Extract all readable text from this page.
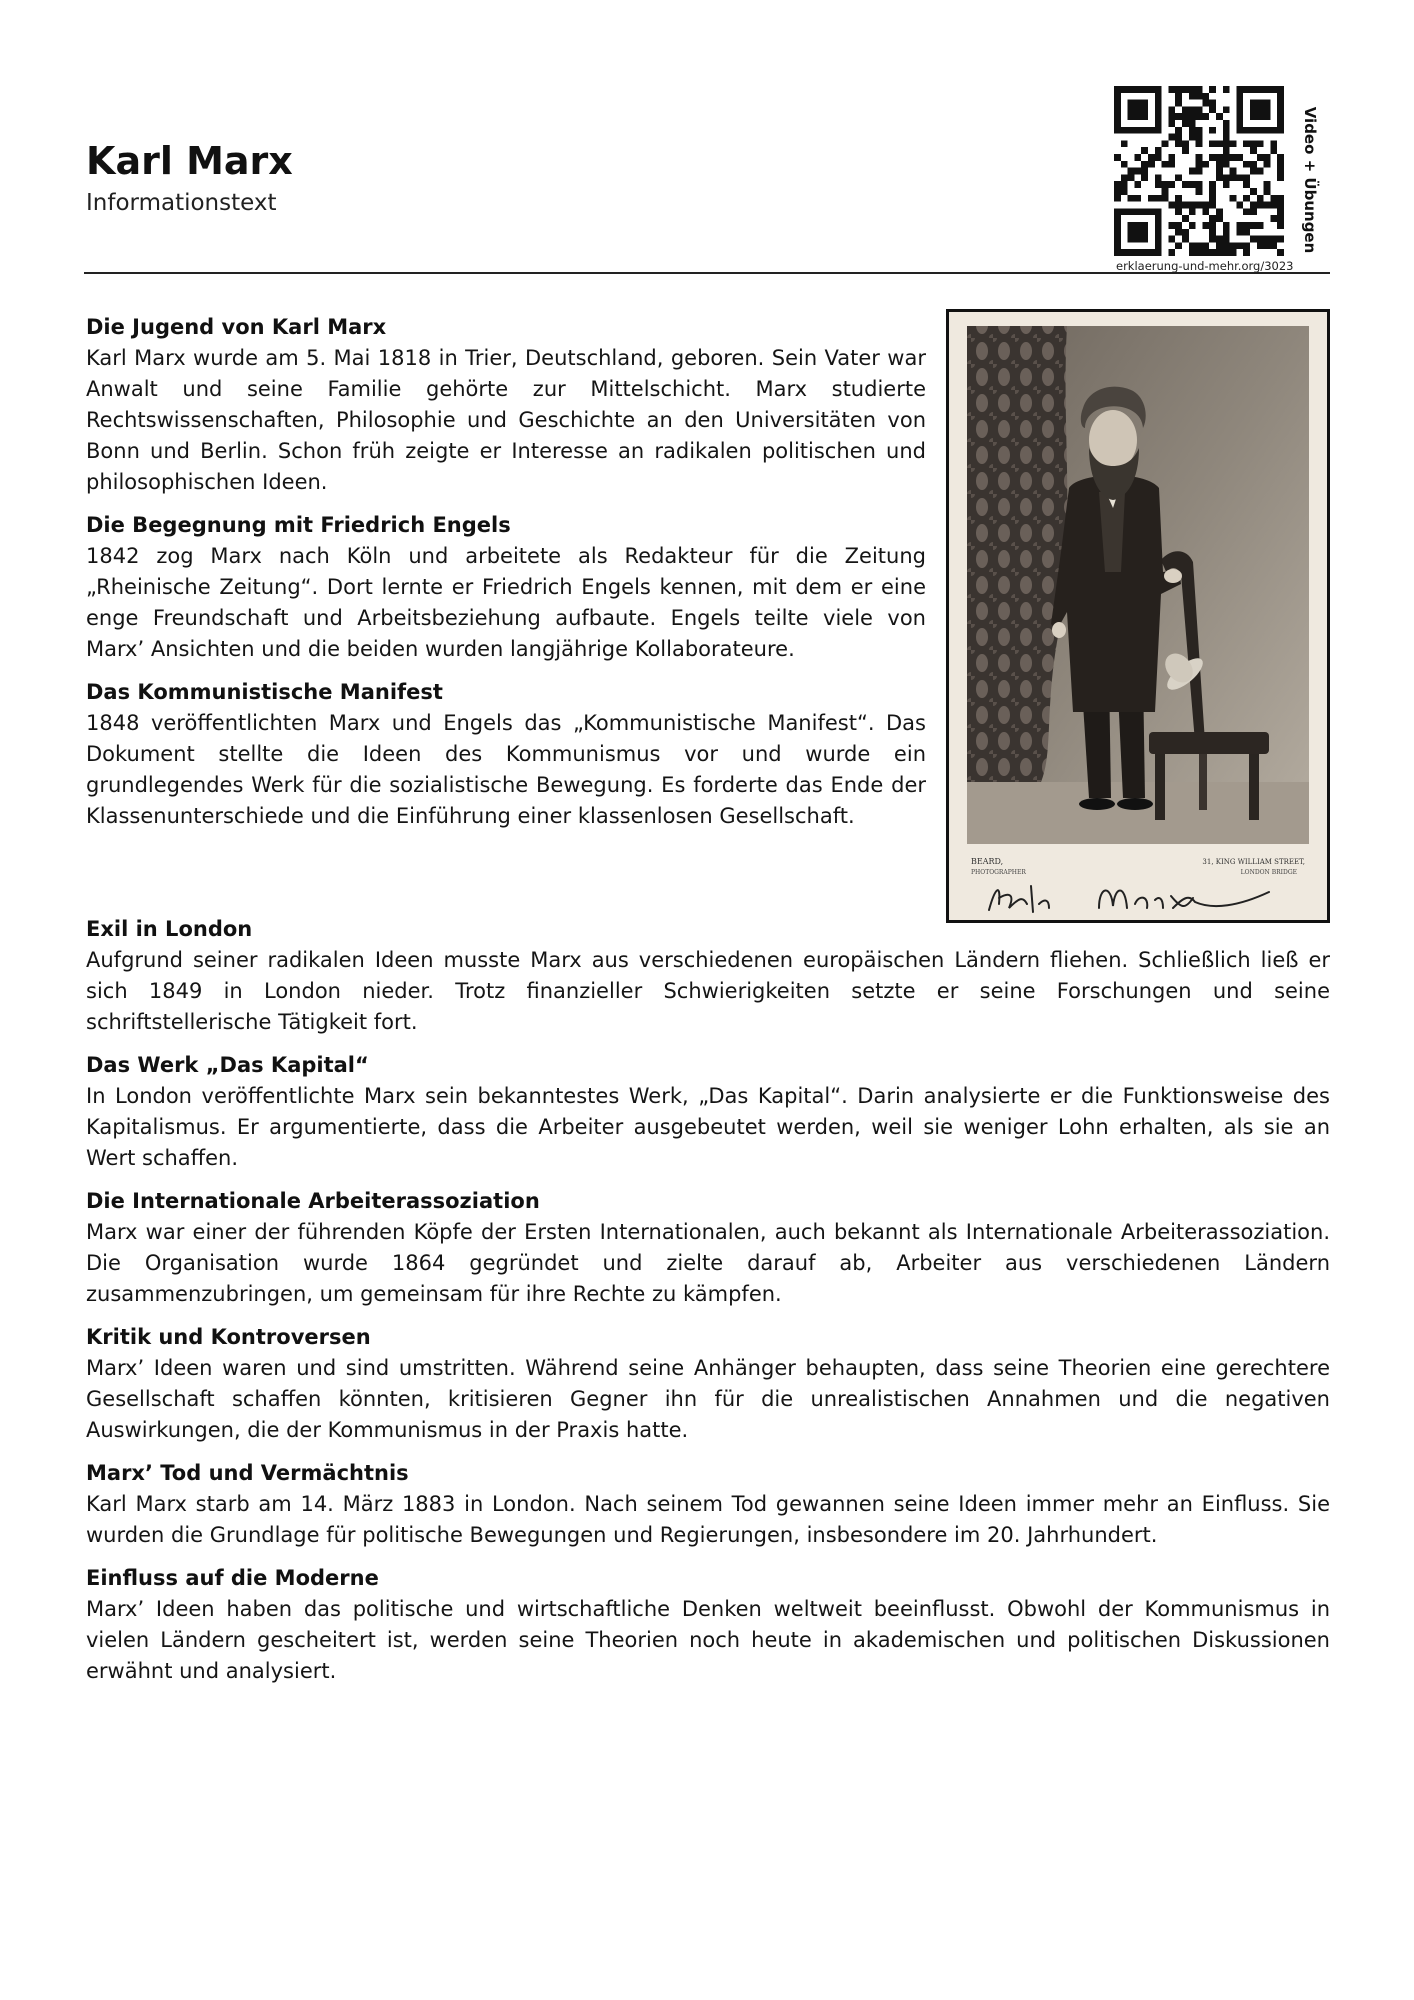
Karl Marx
Informationstext
erklaerung-und-mehr.org/3023
Video + Übungen
BEARD,
PHOTOGRAPHER
31, KING WILLIAM STREET,
LONDON BRIDGE
Die Jugend von Karl Marx

Karl Marx wurde am 5. Mai 1818 in Trier, Deutschland, geboren. Sein Vater war Anwalt und seine Familie gehörte zur Mittelschicht. Marx studierte Rechtswissenschaften, Philosophie und Geschichte an den Universitäten von Bonn und Berlin. Schon früh zeigte er Interesse an radikalen politischen und philosophischen Ideen.

Die Begegnung mit Friedrich Engels

1842 zog Marx nach Köln und arbeitete als Redakteur für die Zeitung „Rheinische Zeitung“. Dort lernte er Friedrich Engels kennen, mit dem er eine enge Freundschaft und Arbeitsbeziehung aufbaute. Engels teilte viele von Marx’ Ansichten und die beiden wurden langjährige Kollaborateure.

Das Kommunistische Manifest

1848 veröffentlichten Marx und Engels das „Kommunistische Manifest“. Das Dokument stellte die Ideen des Kommunismus vor und wurde ein grundlegendes Werk für die sozialistische Bewegung. Es forderte das Ende der Klassenunterschiede und die Einführung einer klassenlosen Gesellschaft.

Exil in London

Aufgrund seiner radikalen Ideen musste Marx aus verschiedenen europäischen Ländern fliehen. Schließlich ließ er sich 1849 in London nieder. Trotz finanzieller Schwierigkeiten setzte er seine Forschungen und seine schriftstellerische Tätigkeit fort.

Das Werk „Das Kapital“

In London veröffentlichte Marx sein bekanntestes Werk, „Das Kapital“. Darin analysierte er die Funktionsweise des Kapitalismus. Er argumentierte, dass die Arbeiter ausgebeutet werden, weil sie weniger Lohn erhalten, als sie an Wert schaffen.

Die Internationale Arbeiterassoziation

Marx war einer der führenden Köpfe der Ersten Internationalen, auch bekannt als Internationale Arbeiterassoziation. Die Organisation wurde 1864 gegründet und zielte darauf ab, Arbeiter aus verschiedenen Ländern zusammenzubringen, um gemeinsam für ihre Rechte zu kämpfen.

Kritik und Kontroversen

Marx’ Ideen waren und sind umstritten. Während seine Anhänger behaupten, dass seine Theorien eine gerechtere Gesellschaft schaffen könnten, kritisieren Gegner ihn für die unrealistischen Annahmen und die negativen Auswirkungen, die der Kommunismus in der Praxis hatte.

Marx’ Tod und Vermächtnis

Karl Marx starb am 14. März 1883 in London. Nach seinem Tod gewannen seine Ideen immer mehr an Einfluss. Sie wurden die Grundlage für politische Bewegungen und Regierungen, insbesondere im 20. Jahrhundert.

Einfluss auf die Moderne

Marx’ Ideen haben das politische und wirtschaftliche Denken weltweit beeinflusst. Obwohl der Kommunismus in vielen Ländern gescheitert ist, werden seine Theorien noch heute in akademischen und politischen Diskussionen erwähnt und analysiert.
